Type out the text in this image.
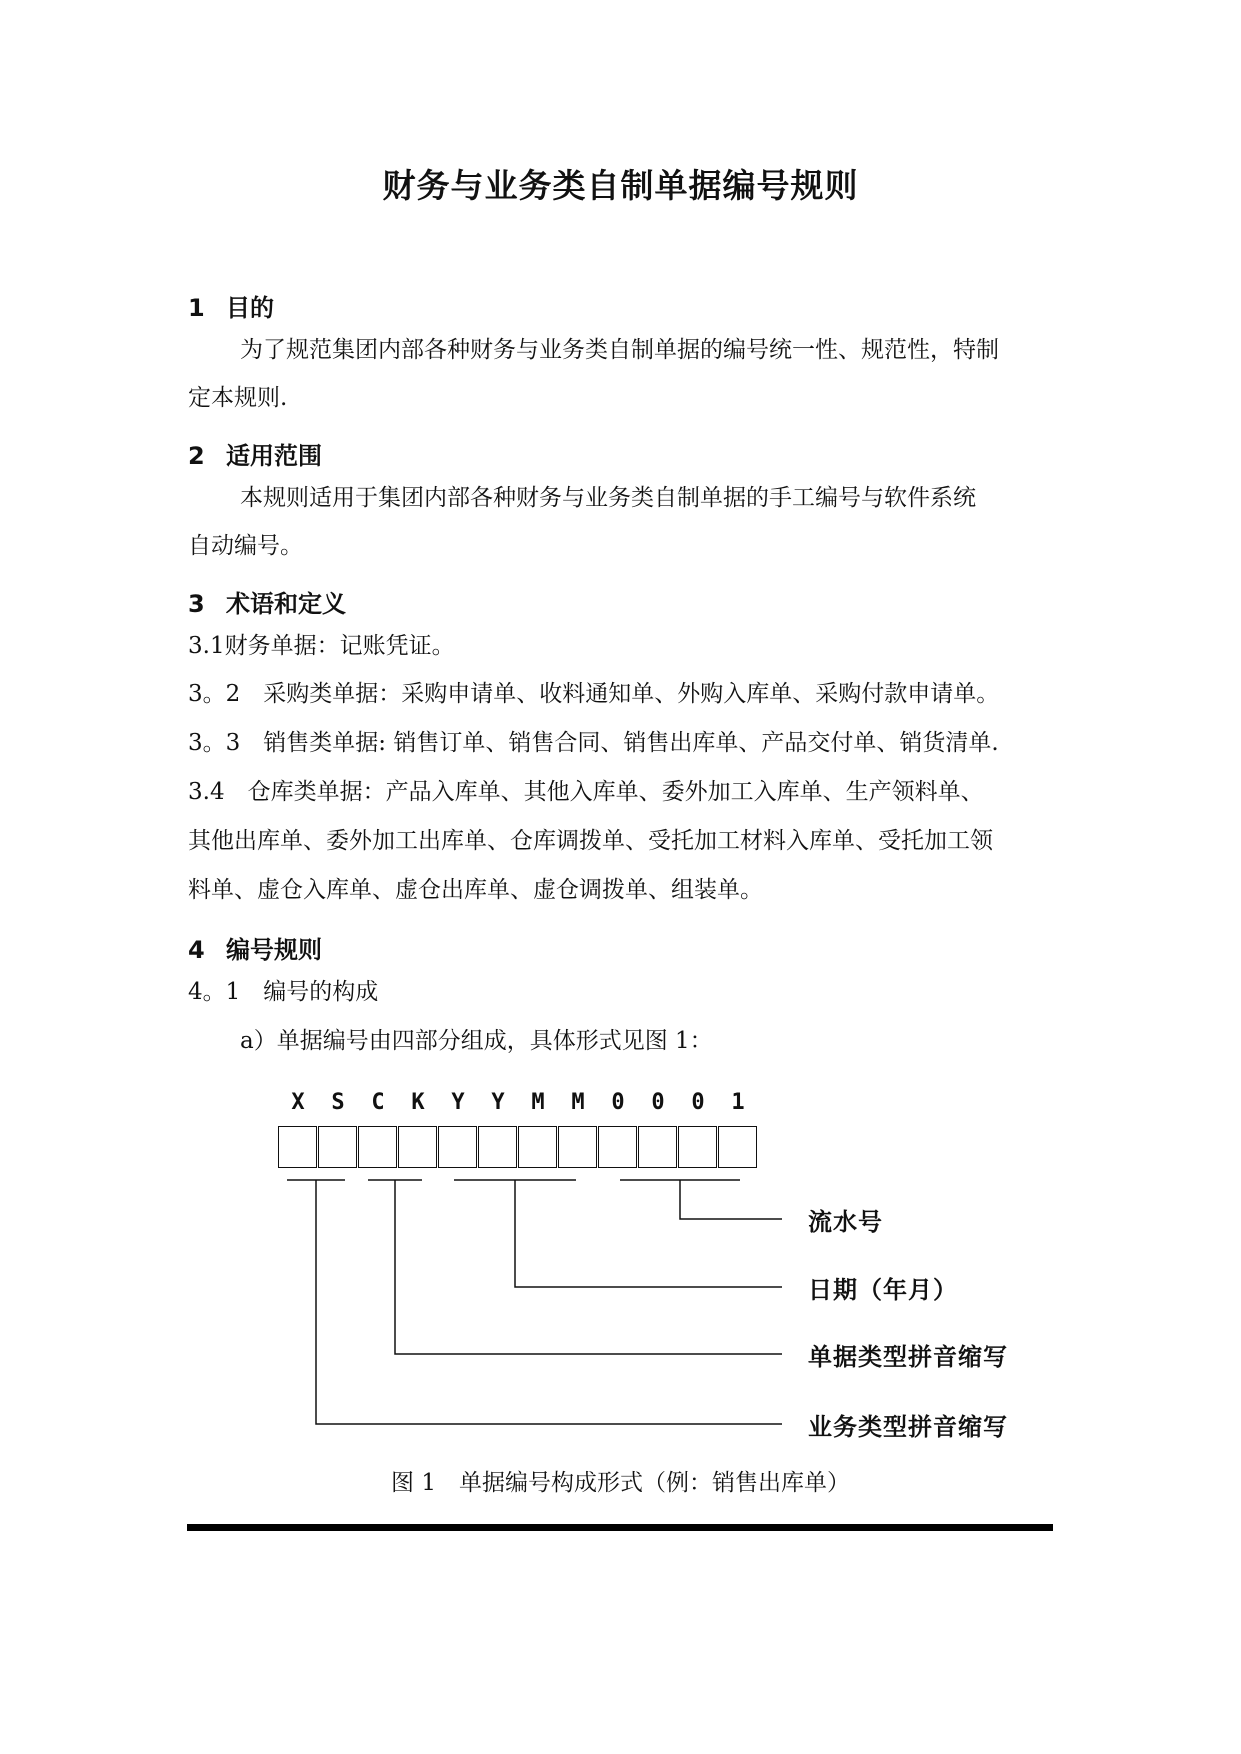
财务与业务类自制单据编号规则
1 目的
为了规范集团内部各种财务与业务类自制单据的编号统一性、规范性，特制
定本规则.
2 适用范围
本规则适用于集团内部各种财务与业务类自制单据的手工编号与软件系统
自动编号。
3 术语和定义
3.1财务单据：记账凭证。
3。2　采购类单据：采购申请单、收料通知单、外购入库单、采购付款申请单。
3。3　销售类单据: 销售订单、销售合同、销售出库单、产品交付单、销货清单.
3.4　仓库类单据：产品入库单、其他入库单、委外加工入库单、生产领料单、
其他出库单、委外加工出库单、仓库调拨单、受托加工材料入库单、受托加工领
料单、虚仓入库单、虚仓出库单、虚仓调拨单、组装单。
4 编号规则
4。1　编号的构成
a）单据编号由四部分组成，具体形式见图 1：
X	S	C	K	Y	Y	M	M	0	0	0	1
流水号
日期（年月）
单据类型拼音缩写
业务类型拼音缩写
图 1　单据编号构成形式（例：销售出库单）
